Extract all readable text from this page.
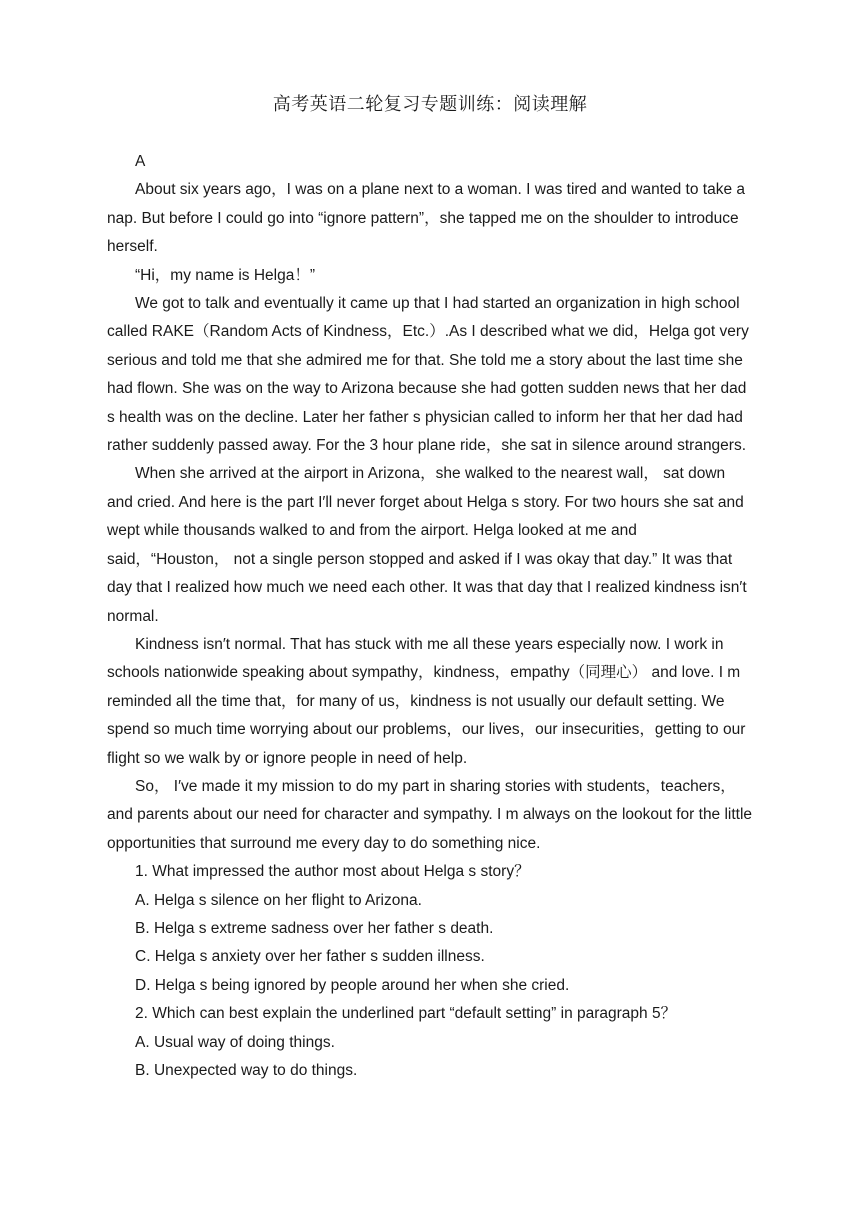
高考英语二轮复习专题训练：阅读理解

A

About six years ago，I was on a plane next to a woman. I was tired and wanted to take a nap. But before I could go into “ignore pattern”，she tapped me on the shoulder to introduce herself.

“Hi，my name is Helga！”

We got to talk and eventually it came up that I had started an organization in high school called RAKE（Random Acts of Kindness，Etc.）.As I described what we did，Helga got very serious and told me that she admired me for that. She told me a story about the last time she had flown. She was on the way to Arizona because she had gotten sudden news that her dad s health was on the decline. Later her father s physician called to inform her that her dad had rather suddenly passed away. For the 3 hour plane ride，she sat in silence around strangers.

When she arrived at the airport in Arizona，she walked to the nearest wall， sat down and cried. And here is the part I′ll never forget about Helga s story. For two hours she sat and wept while thousands walked to and from the airport. Helga looked at me and said，“Houston， not a single person stopped and asked if I was okay that day.” It was that day that I realized how much we need each other. It was that day that I realized kindness isn′t normal.

Kindness isn′t normal. That has stuck with me all these years especially now. I work in schools nationwide speaking about sympathy，kindness，empathy（同理心） and love. I m reminded all the time that，for many of us，kindness is not usually our default setting. We spend so much time worrying about our problems，our lives，our insecurities，getting to our flight so we walk by or ignore people in need of help.

So， I′ve made it my mission to do my part in sharing stories with students，teachers，and parents about our need for character and sympathy. I m always on the lookout for the little opportunities that surround me every day to do something nice.

1. What impressed the author most about Helga s story？

A. Helga s silence on her flight to Arizona.

B. Helga s extreme sadness over her father s death.

C. Helga s anxiety over her father s sudden illness.

D. Helga s being ignored by people around her when she cried.

2. Which can best explain the underlined part “default setting” in paragraph 5？

A. Usual way of doing things.

B. Unexpected way to do things.
